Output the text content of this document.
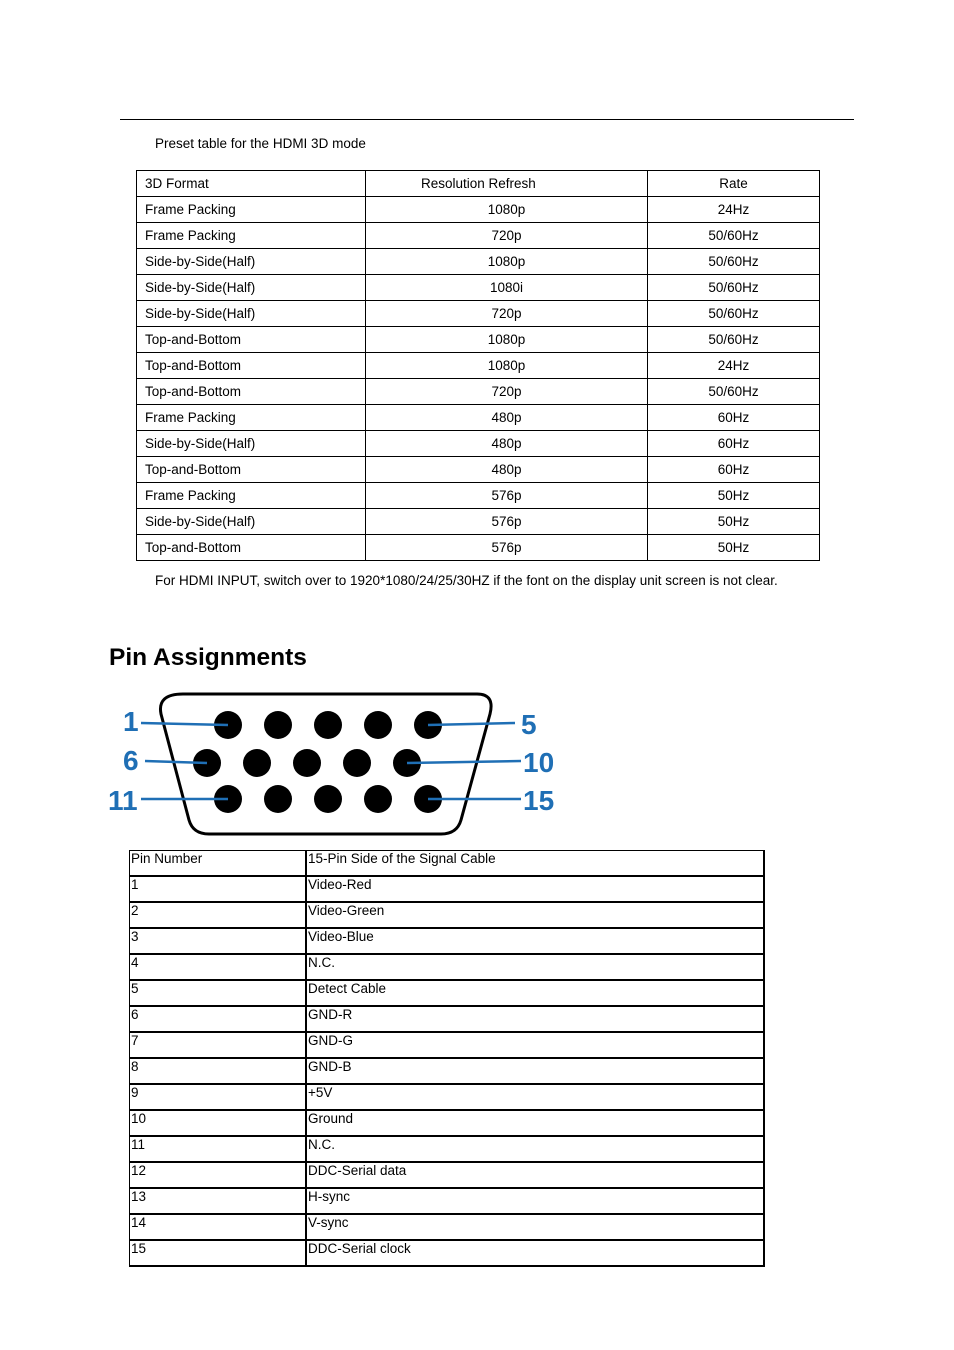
Preset table for the HDMI 3D mode
3D Format	Resolution Refresh	Rate
Frame Packing	1080p	24Hz
Frame Packing	720p	50/60Hz
Side-by-Side(Half)	1080p	50/60Hz
Side-by-Side(Half)	1080i	50/60Hz
Side-by-Side(Half)	720p	50/60Hz
Top-and-Bottom	1080p	50/60Hz
Top-and-Bottom	1080p	24Hz
Top-and-Bottom	720p	50/60Hz
Frame Packing	480p	60Hz
Side-by-Side(Half)	480p	60Hz
Top-and-Bottom	480p	60Hz
Frame Packing	576p	50Hz
Side-by-Side(Half)	576p	50Hz
Top-and-Bottom	576p	50Hz
For HDMI INPUT, switch over to 1920*1080/24/25/30HZ if the font on the display unit screen is not clear.
Pin Assignments
1
6
11
5
10
15
Pin Number	15-Pin Side of the Signal Cable
1	Video-Red
2	Video-Green
3	Video-Blue
4	N.C.
5	Detect Cable
6	GND-R
7	GND-G
8	GND-B
9	+5V
10	Ground
11	N.C.
12	DDC-Serial data
13	H-sync
14	V-sync
15	DDC-Serial clock
